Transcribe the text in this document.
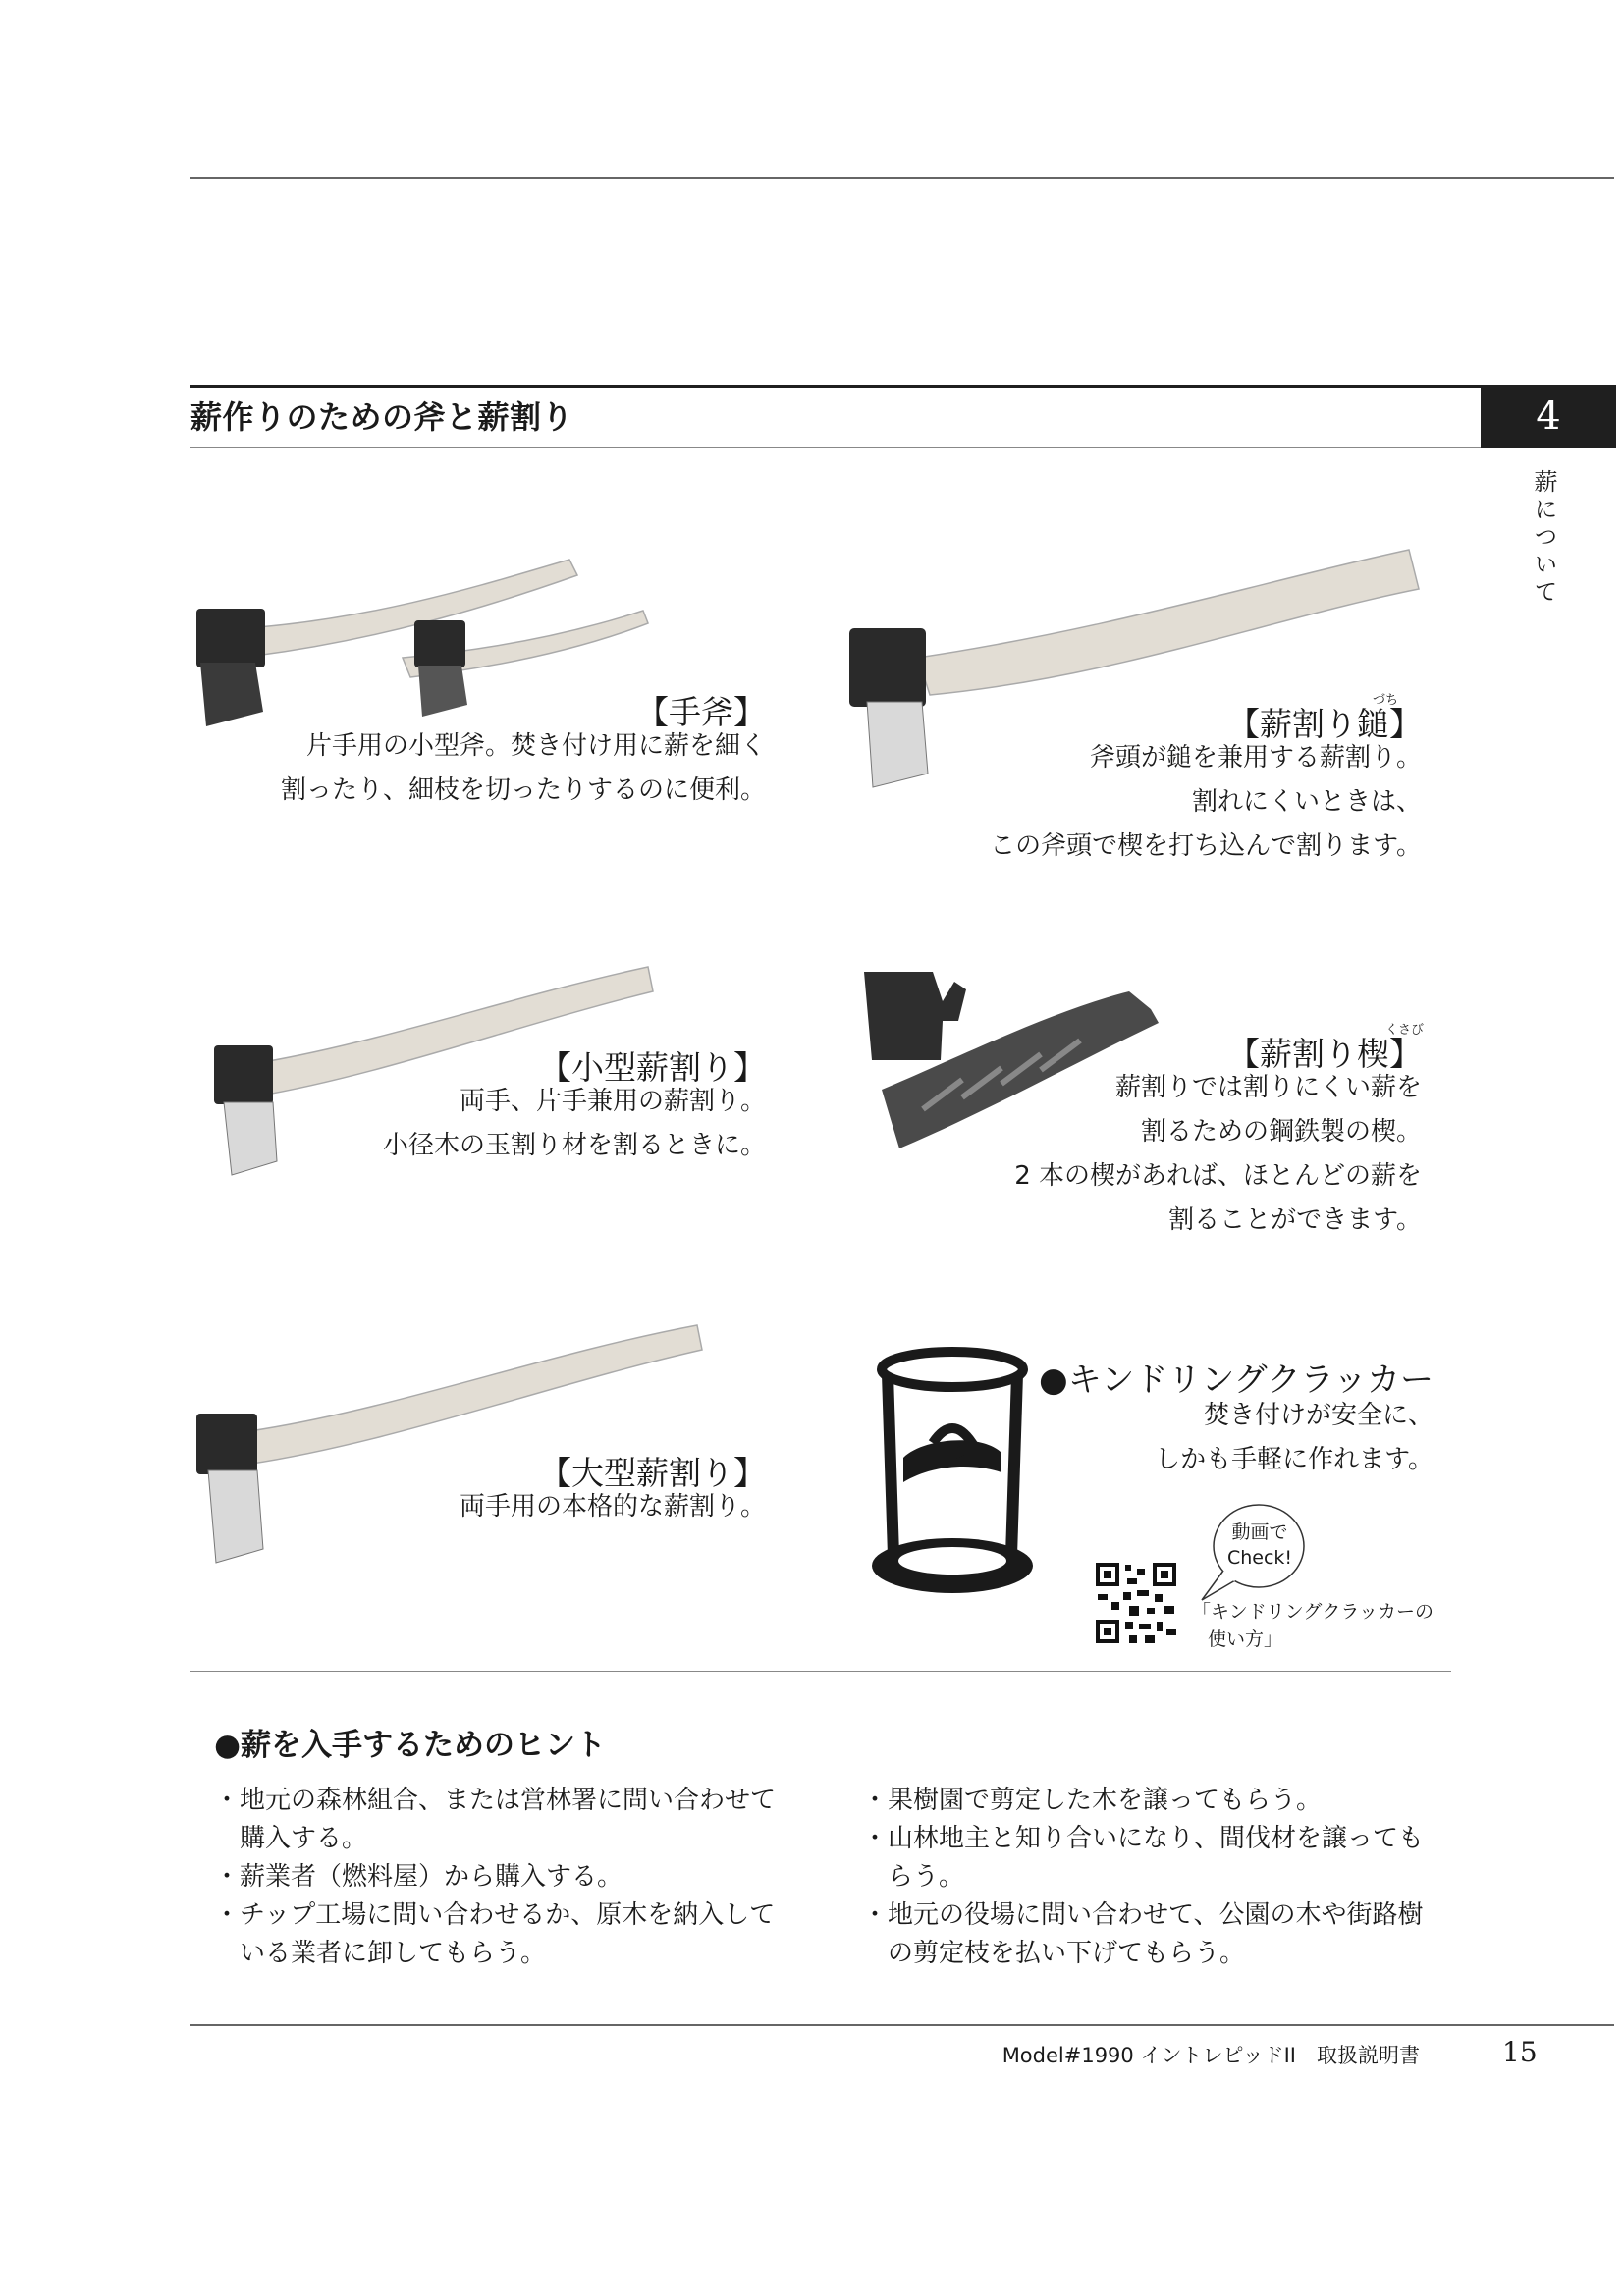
薪作りのための斧と薪割り	4
薪について
【手斧】
片手用の小型斧。焚き付け用に薪を細く
割ったり、細枝を切ったりするのに便利。
づち
【薪割り鎚】
斧頭が鎚を兼用する薪割り。
割れにくいときは、
この斧頭で楔を打ち込んで割ります。
【小型薪割り】
両手、片手兼用の薪割り。
小径木の玉割り材を割るときに。
くさび
【薪割り楔】
薪割りでは割りにくい薪を
割るための鋼鉄製の楔。
2 本の楔があれば、ほとんどの薪を
割ることができます。
【大型薪割り】
両手用の本格的な薪割り。
●キンドリングクラッカー
焚き付けが安全に、
しかも手軽に作れます。
動画で
Check!
「キンドリングクラッカーの
使い方」
●薪を入手するためのヒント
・地元の森林組合、または営林署に問い合わせて購入する。
・薪業者（燃料屋）から購入する。
・チップ工場に問い合わせるか、原木を納入している業者に卸してもらう。
・果樹園で剪定した木を譲ってもらう。
・山林地主と知り合いになり、間伐材を譲ってもらう。
・地元の役場に問い合わせて、公園の木や街路樹の剪定枝を払い下げてもらう。
Model#1990 イントレピッドII　取扱説明書	15
